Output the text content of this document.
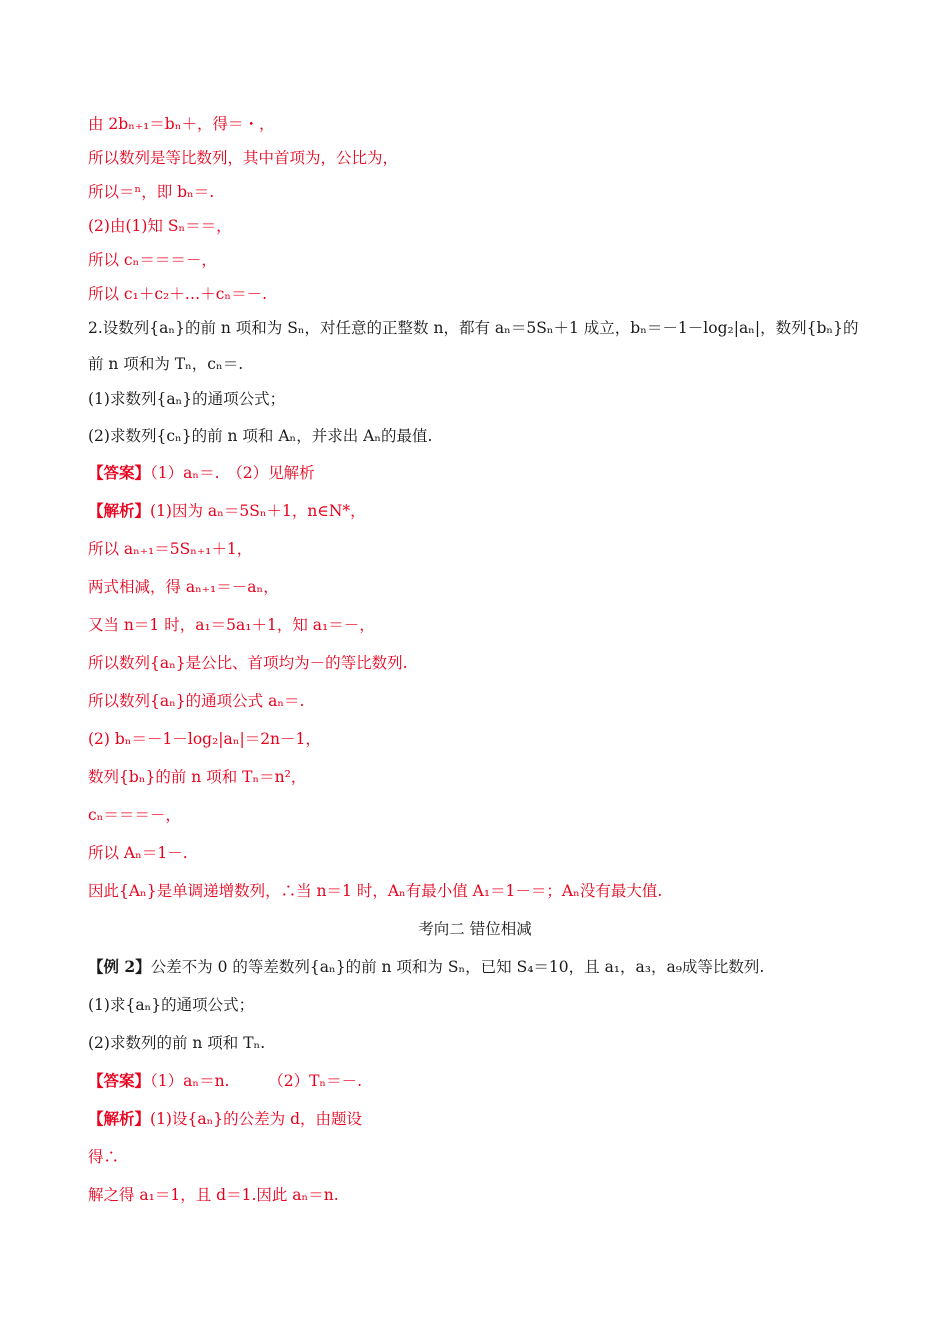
由 2bₙ₊₁＝bₙ＋，得＝・，
所以数列是等比数列，其中首项为，公比为，
所以＝ⁿ，即 bₙ＝.
(2)由(1)知 Sₙ＝＝，
所以 cₙ＝＝＝－，
所以 c₁＋c₂＋…＋cₙ＝－.
2.设数列{aₙ}的前 n 项和为 Sₙ，对任意的正整数 n，都有 aₙ＝5Sₙ＋1 成立，bₙ＝－1－log₂|aₙ|，数列{bₙ}的
前 n 项和为 Tₙ，cₙ＝.
(1)求数列{aₙ}的通项公式；
(2)求数列{cₙ}的前 n 项和 Aₙ，并求出 Aₙ的最值.
【答案】（1）aₙ＝.　（2）见解析
【解析】(1)因为 aₙ＝5Sₙ＋1，n∈N*，
所以 aₙ₊₁＝5Sₙ₊₁＋1，
两式相减，得 aₙ₊₁＝－aₙ，
又当 n＝1 时，a₁＝5a₁＋1，知 a₁＝－，
所以数列{aₙ}是公比、首项均为－的等比数列.
所以数列{aₙ}的通项公式 aₙ＝.
(2) bₙ＝－1－log₂|aₙ|＝2n－1，
数列{bₙ}的前 n 项和 Tₙ＝n²，
cₙ＝＝＝－，
所以 Aₙ＝1－.
因此{Aₙ}是单调递增数列，∴当 n＝1 时，Aₙ有最小值 A₁＝1－＝；Aₙ没有最大值.
考向二 错位相减
【例 2】公差不为 0 的等差数列{aₙ}的前 n 项和为 Sₙ，已知 S₄＝10，且 a₁，a₃，a₉成等比数列.
(1)求{aₙ}的通项公式；
(2)求数列的前 n 项和 Tₙ.
【答案】（1）aₙ＝n.　　　（2）Tₙ＝－.
【解析】(1)设{aₙ}的公差为 d，由题设
得∴
解之得 a₁＝1，且 d＝1.因此 aₙ＝n.
